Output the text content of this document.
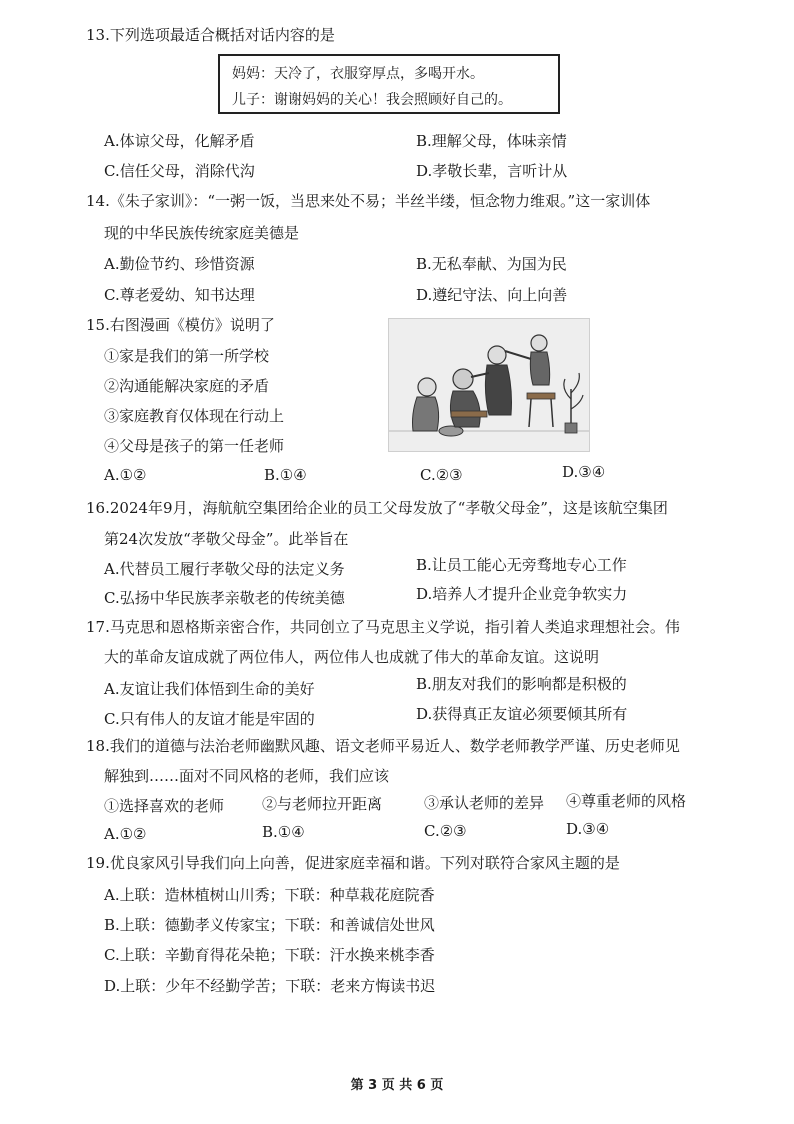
13.下列选项最适合概括对话内容的是
妈妈：天冷了，衣服穿厚点，多喝开水。
儿子：谢谢妈妈的关心！我会照顾好自己的。
A.体谅父母，化解矛盾	B.理解父母，体味亲情
C.信任父母，消除代沟	D.孝敬长辈，言听计从
14.《朱子家训》：“一粥一饭，当思来处不易；半丝半缕，恒念物力维艰。”这一家训体
现的中华民族传统家庭美德是
A.勤俭节约、珍惜资源	B.无私奉献、为国为民
C.尊老爱幼、知书达理	D.遵纪守法、向上向善
15.右图漫画《模仿》说明了
①家是我们的第一所学校
②沟通能解决家庭的矛盾
③家庭教育仅体现在行动上
④父母是孩子的第一任老师
A.①②	B.①④	C.②③	D.③④
16.2024年9月，海航航空集团给企业的员工父母发放了“孝敬父母金”，这是该航空集团
第24次发放“孝敬父母金”。此举旨在
A.代替员工履行孝敬父母的法定义务	B.让员工能心无旁骛地专心工作
C.弘扬中华民族孝亲敬老的传统美德	D.培养人才提升企业竞争软实力
17.马克思和恩格斯亲密合作，共同创立了马克思主义学说，指引着人类追求理想社会。伟
大的革命友谊成就了两位伟人，两位伟人也成就了伟大的革命友谊。这说明
A.友谊让我们体悟到生命的美好	B.朋友对我们的影响都是积极的
C.只有伟人的友谊才能是牢固的	D.获得真正友谊必须要倾其所有
18.我们的道德与法治老师幽默风趣、语文老师平易近人、数学老师教学严谨、历史老师见
解独到……面对不同风格的老师，我们应该
①选择喜欢的老师	②与老师拉开距离	③承认老师的差异 ④尊重老师的风格
A.①②	B.①④	C.②③	D.③④
19.优良家风引导我们向上向善，促进家庭幸福和谐。下列对联符合家风主题的是
A.上联：造林植树山川秀；下联：种草栽花庭院香
B.上联：德勤孝义传家宝；下联：和善诚信处世风
C.上联：辛勤育得花朵艳；下联：汗水换来桃李香
D.上联：少年不经勤学苦；下联：老来方悔读书迟
第 3 页 共 6 页
